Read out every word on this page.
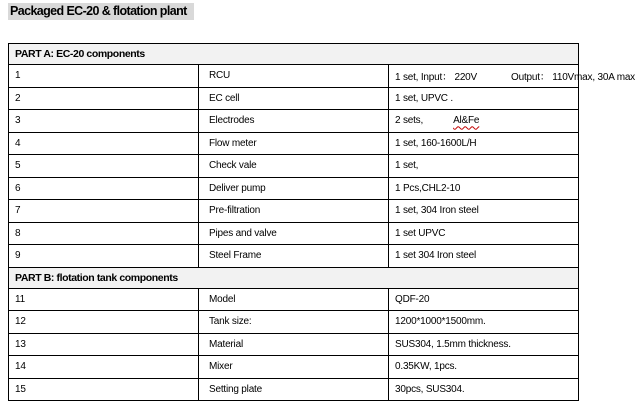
Packaged EC-20 & flotation plant
PART A: EC-20 components		
1	RCU	1 set, Input： 220V Output： 110Vmax, 30A max
2	EC cell	1 set, UPVC .
3	Electrodes	2 sets, Al&Fe
4	Flow meter	1 set, 160-1600L/H
5	Check vale	1 set,
6	Deliver pump	1 Pcs,CHL2-10
7	Pre-filtration	1 set, 304 Iron steel
8	Pipes and valve	1 set UPVC
9	Steel Frame	1 set 304 Iron steel
PART B: flotation tank components		
11	Model	QDF-20
12	Tank size:	1200*1000*1500mm.
13	Material	SUS304, 1.5mm thickness.
14	Mixer	0.35KW, 1pcs.
15	Setting plate	30pcs, SUS304.
